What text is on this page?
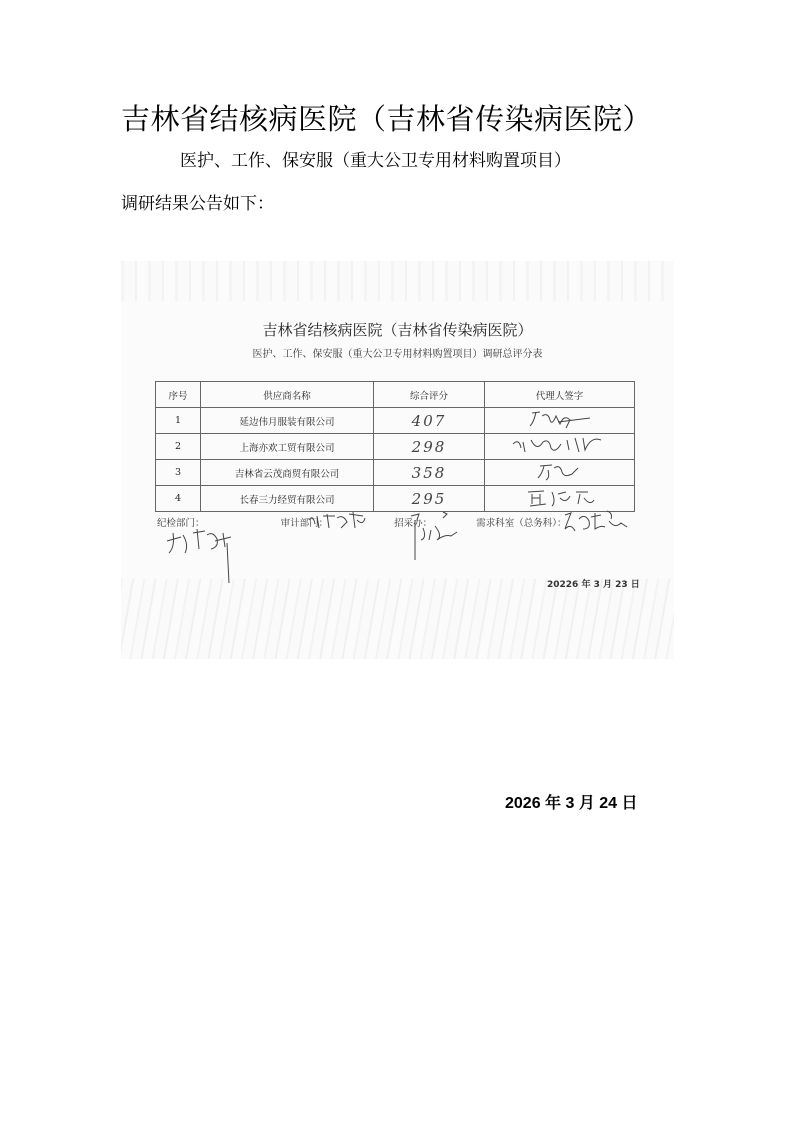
吉林省结核病医院（吉林省传染病医院）
医护、工作、保安服（重大公卫专用材料购置项目）
调研结果公告如下：
吉林省结核病医院（吉林省传染病医院）
医护、工作、保安服（重大公卫专用材料购置项目）调研总评分表
序号	供应商名称	综合评分	代理人签字
1	延边伟月服装有限公司	407	
2	上海亦欢工贸有限公司	298	
3	吉林省云茂商贸有限公司	358	
4	长春三力经贸有限公司	295	
纪检部门：	审计部门：	招采办：	需求科室（总务科）：
20226 年 3 月 23 日
2026 年 3 月 24 日
